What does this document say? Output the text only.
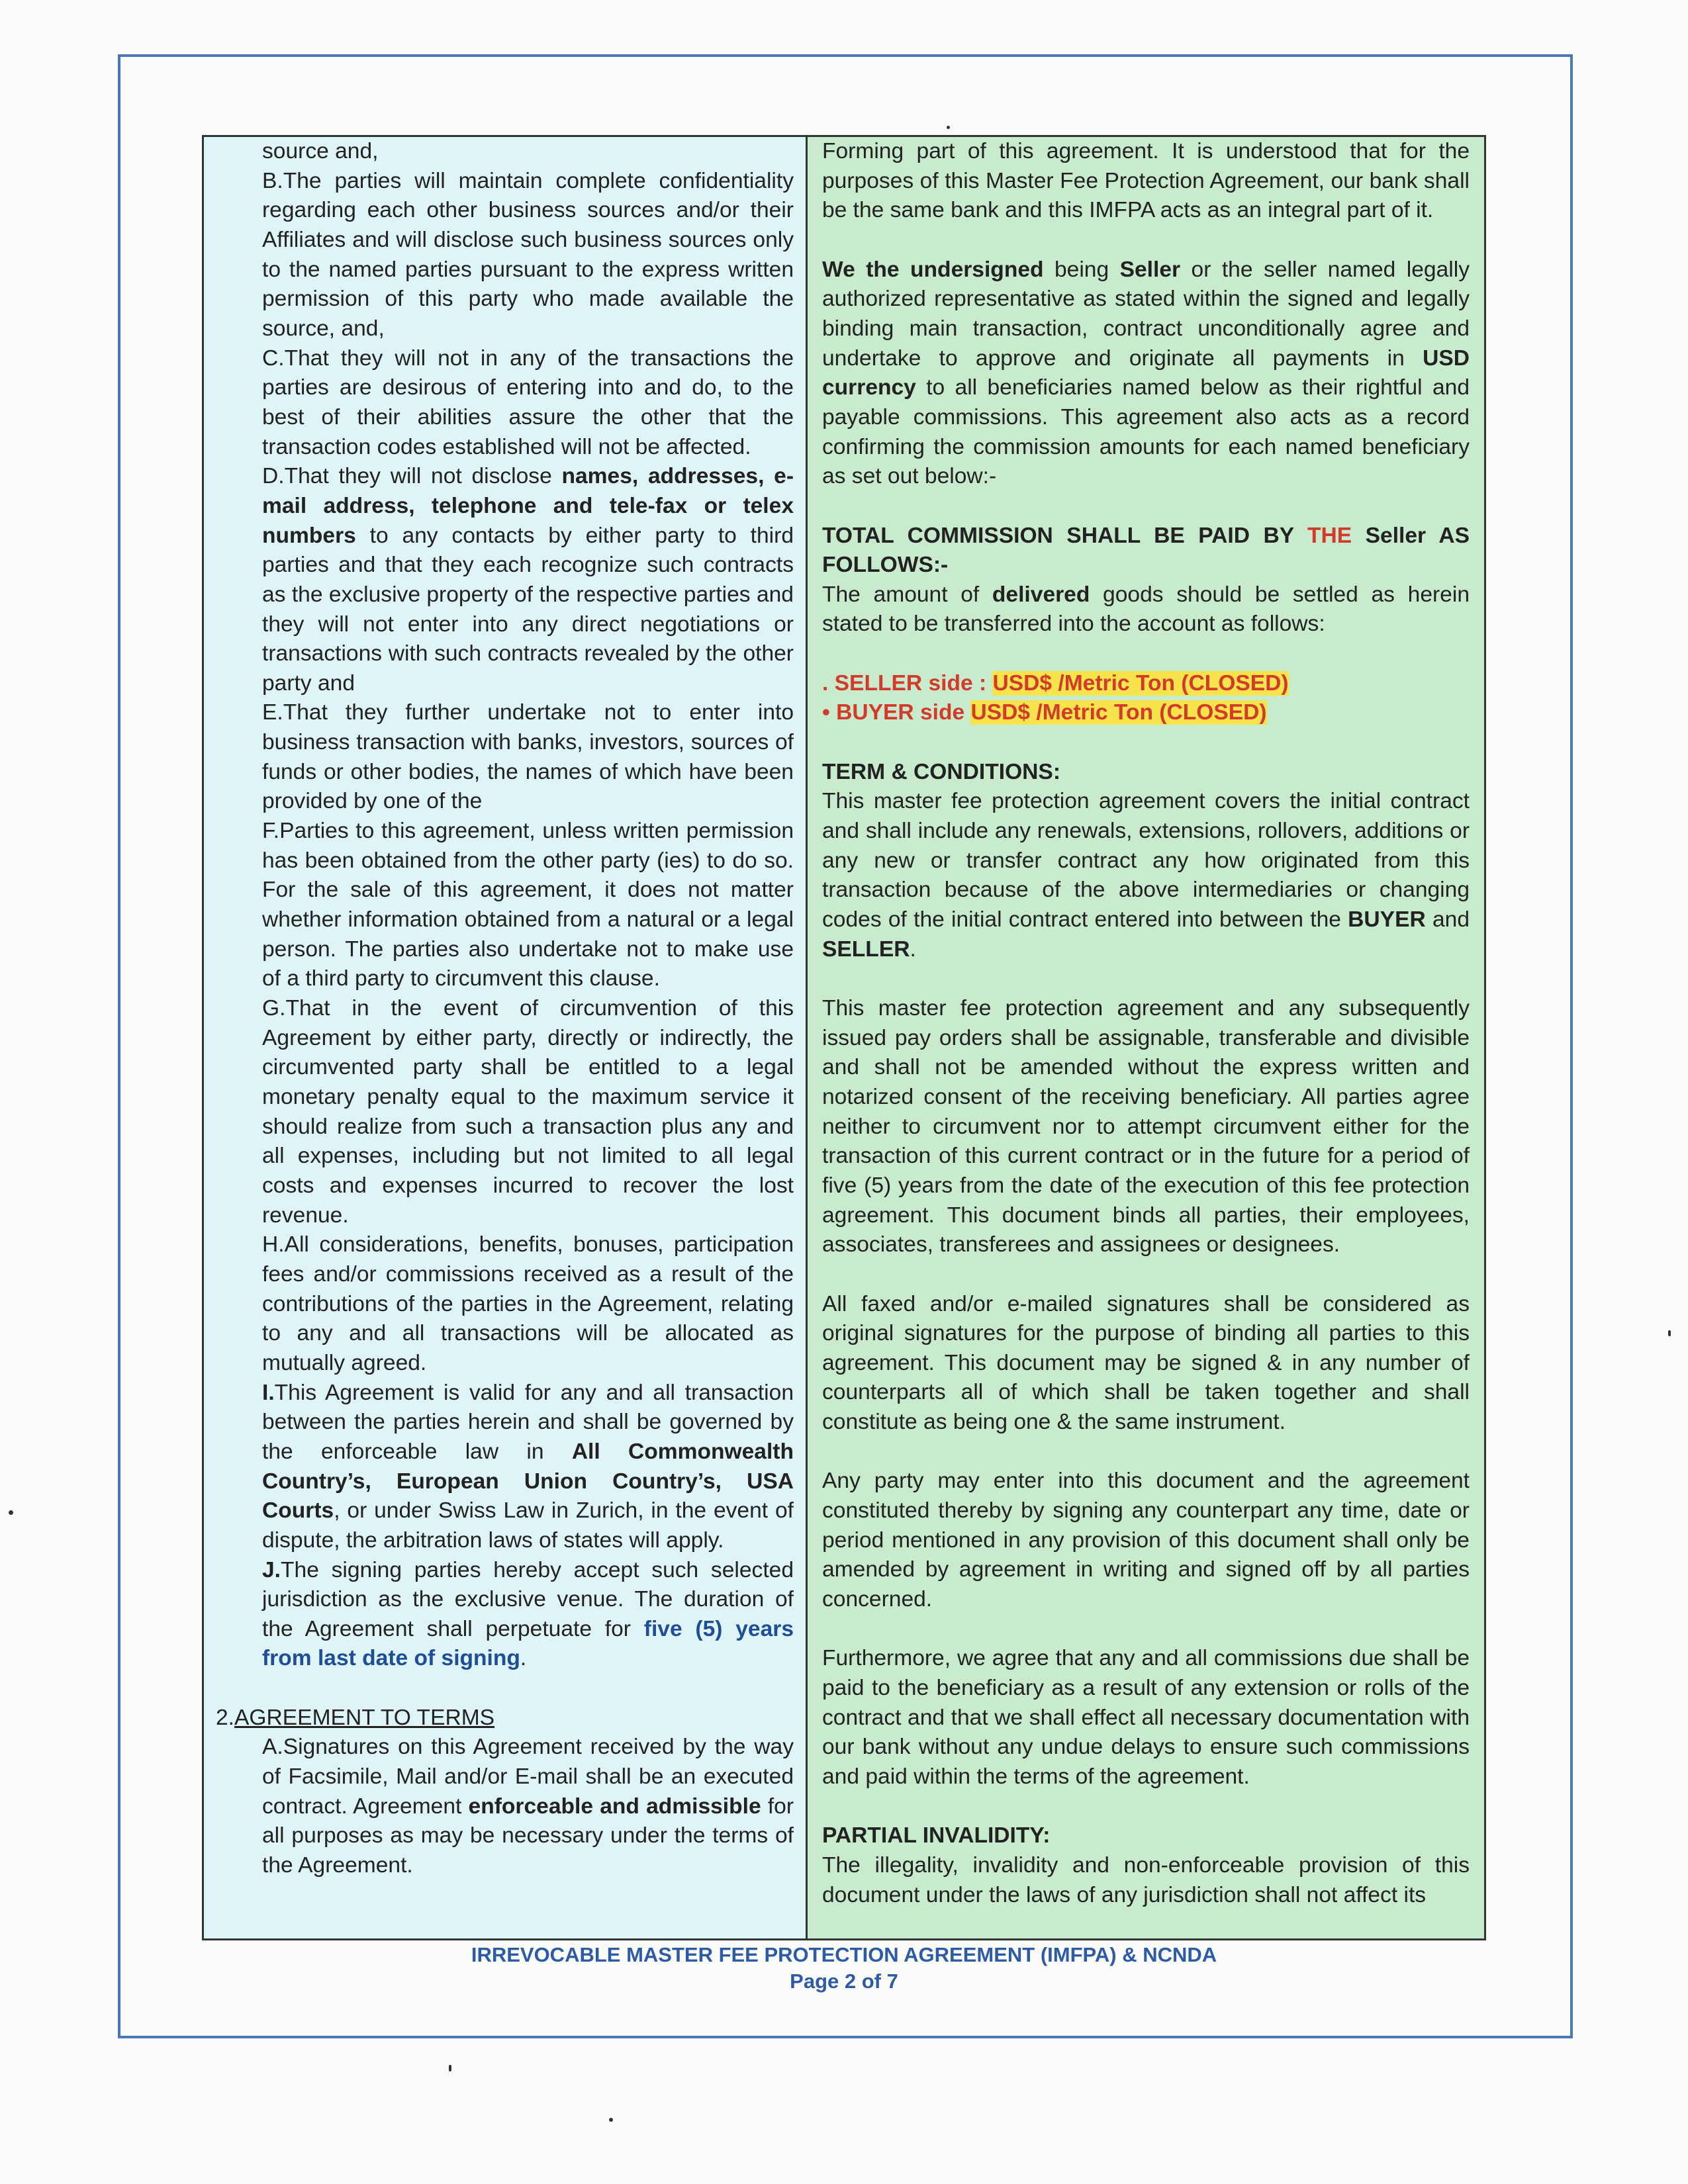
source and,

B.The parties will maintain complete confidentiality regarding each other business sources and/or their Affiliates and will disclose such business sources only to the named parties pursuant to the express written permission of this party who made available the source, and,

C.That they will not in any of the transactions the parties are desirous of entering into and do, to the best of their abilities assure the other that the transaction codes established will not be affected.

D.That they will not disclose names, addresses, e-mail address, telephone and tele-fax or telex numbers to any contacts by either party to third parties and that they each recognize such contracts as the exclusive property of the respective parties and they will not enter into any direct negotiations or transactions with such contracts revealed by the other party and

E.That they further undertake not to enter into business transaction with banks, investors, sources of funds or other bodies, the names of which have been provided by one of the

F.Parties to this agreement, unless written permission has been obtained from the other party (ies) to do so. For the sale of this agreement, it does not matter whether information obtained from a natural or a legal person. The parties also undertake not to make use of a third party to circumvent this clause.

G.That in the event of circumvention of this Agreement by either party, directly or indirectly, the circumvented party shall be entitled to a legal monetary penalty equal to the maximum service it should realize from such a transaction plus any and all expenses, including but not limited to all legal costs and expenses incurred to recover the lost revenue.

H.All considerations, benefits, bonuses, participation fees and/or commissions received as a result of the contributions of the parties in the Agreement, relating to any and all transactions will be allocated as mutually agreed.

I.This Agreement is valid for any and all transaction between the parties herein and shall be governed by the enforceable law in All Commonwealth Country’s, European Union Country’s, USA Courts, or under Swiss Law in Zurich, in the event of dispute, the arbitration laws of states will apply.

J.The signing parties hereby accept such selected jurisdiction as the exclusive venue. The duration of the Agreement shall perpetuate for five (5) years from last date of signing.

2.AGREEMENT TO TERMS

A.Signatures on this Agreement received by the way of Facsimile, Mail and/or E-mail shall be an executed contract. Agreement enforceable and admissible for all purposes as may be necessary under the terms of the Agreement.

Forming part of this agreement. It is understood that for the purposes of this Master Fee Protection Agreement, our bank shall be the same bank and this IMFPA acts as an integral part of it.

We the undersigned being Seller or the seller named legally authorized representative as stated within the signed and legally binding main transaction, contract unconditionally agree and undertake to approve and originate all payments in USD currency to all beneficiaries named below as their rightful and payable commissions. This agreement also acts as a record confirming the commission amounts for each named beneficiary as set out below:-

TOTAL COMMISSION SHALL BE PAID BY THE Seller AS FOLLOWS:-

The amount of delivered goods should be settled as herein stated to be transferred into the account as follows:

. SELLER side : USD$ /Metric Ton (CLOSED)

• BUYER side USD$ /Metric Ton (CLOSED)

TERM & CONDITIONS:

This master fee protection agreement covers the initial contract and shall include any renewals, extensions, rollovers, additions or any new or transfer contract any how originated from this transaction because of the above intermediaries or changing codes of the initial contract entered into between the BUYER and SELLER.

This master fee protection agreement and any subsequently issued pay orders shall be assignable, transferable and divisible and shall not be amended without the express written and notarized consent of the receiving beneficiary. All parties agree neither to circumvent nor to attempt circumvent either for the transaction of this current contract or in the future for a period of five (5) years from the date of the execution of this fee protection agreement. This document binds all parties, their employees, associates, transferees and assignees or designees.

All faxed and/or e-mailed signatures shall be considered as original signatures for the purpose of binding all parties to this agreement. This document may be signed & in any number of counterparts all of which shall be taken together and shall constitute as being one & the same instrument.

Any party may enter into this document and the agreement constituted thereby by signing any counterpart any time, date or period mentioned in any provision of this document shall only be amended by agreement in writing and signed off by all parties concerned.

Furthermore, we agree that any and all commissions due shall be paid to the beneficiary as a result of any extension or rolls of the contract and that we shall effect all necessary documentation with our bank without any undue delays to ensure such commissions and paid within the terms of the agreement.

PARTIAL INVALIDITY:

The illegality, invalidity and non-enforceable provision of this document under the laws of any jurisdiction shall not affect its

IRREVOCABLE MASTER FEE PROTECTION AGREEMENT (IMFPA) & NCNDA
Page 2 of 7
